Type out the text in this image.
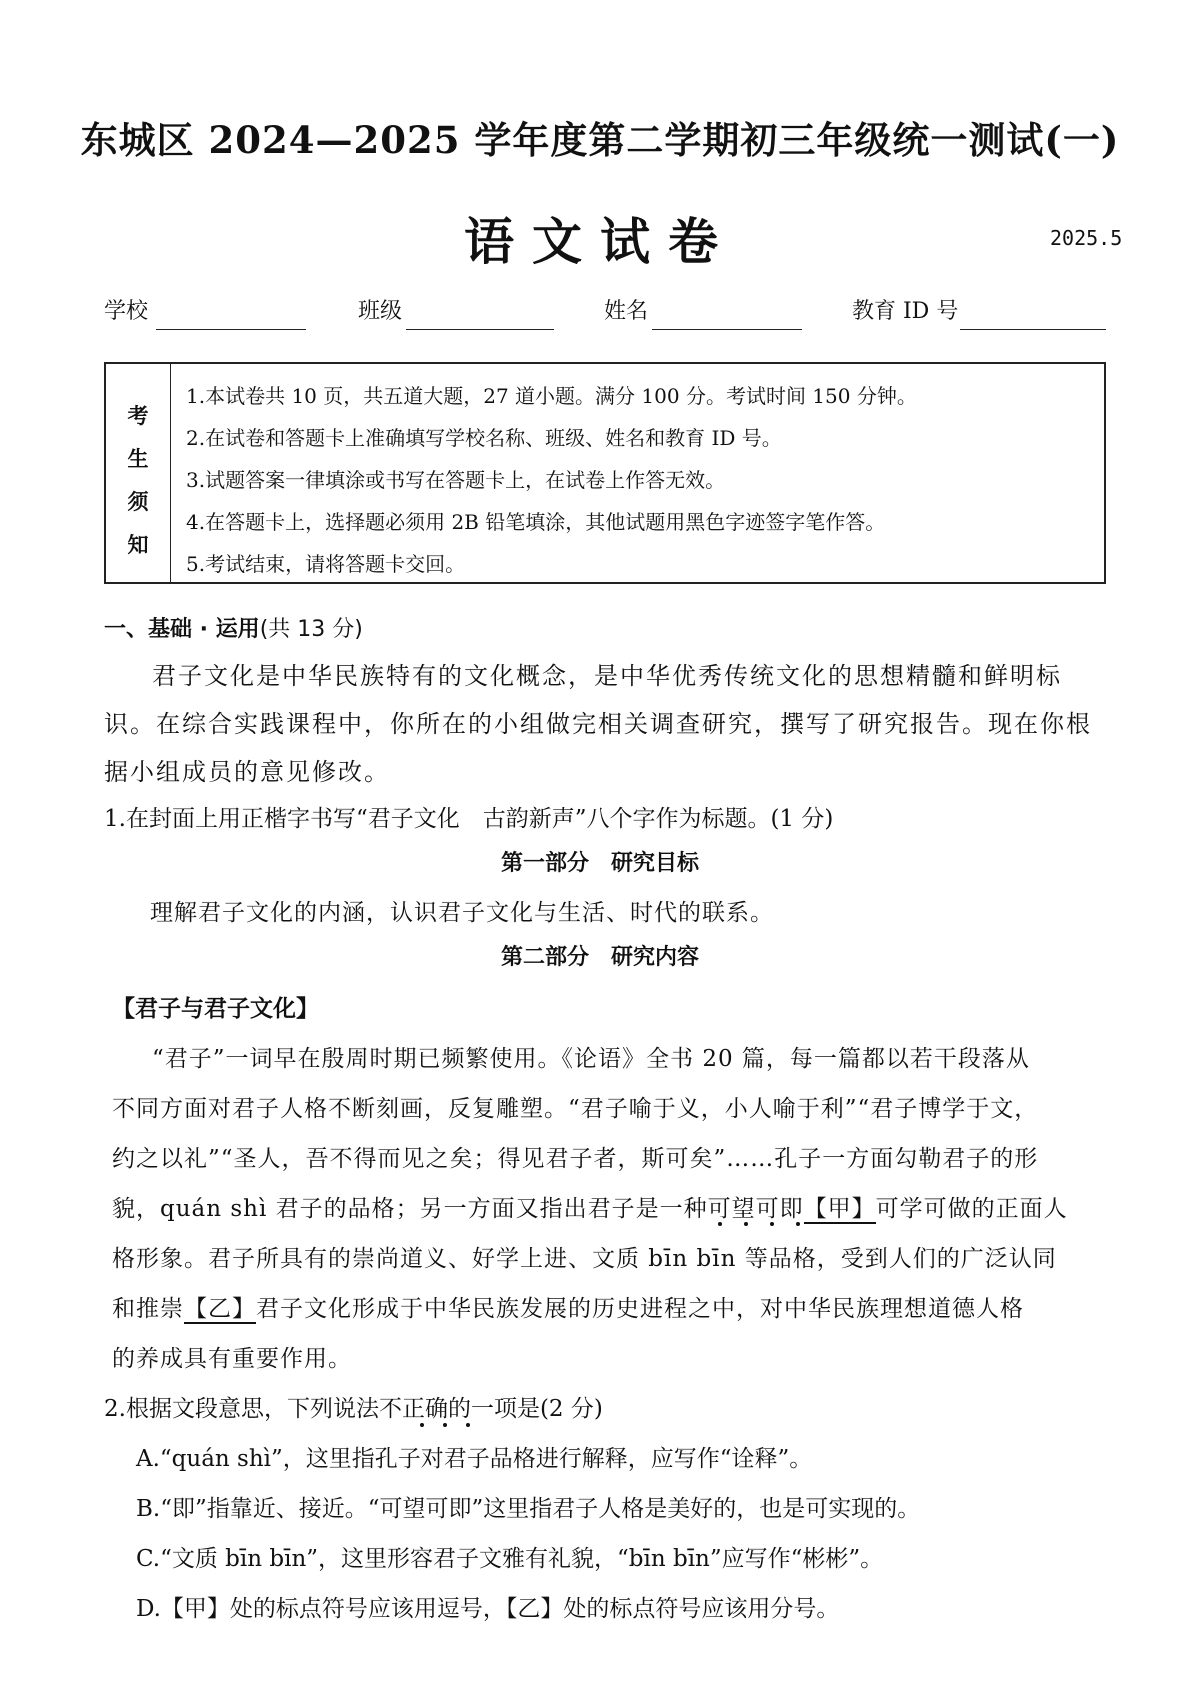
东城区 2024—2025 学年度第二学期初三年级统一测试(一)
语文试卷	2025.5
学校	班级	姓名	教育 ID 号
考
生
须
知
1.本试卷共 10 页，共五道大题，27 道小题。满分 100 分。考试时间 150 分钟。
2.在试卷和答题卡上准确填写学校名称、班级、姓名和教育 ID 号。
3.试题答案一律填涂或书写在答题卡上，在试卷上作答无效。
4.在答题卡上，选择题必须用 2B 铅笔填涂，其他试题用黑色字迹签字笔作答。
5.考试结束，请将答题卡交回。
一、基础 · 运用(共 13 分)
君子文化是中华民族特有的文化概念，是中华优秀传统文化的思想精髓和鲜明标
识。在综合实践课程中，你所在的小组做完相关调查研究，撰写了研究报告。现在你根
据小组成员的意见修改。
1.在封面上用正楷字书写“君子文化　古韵新声”八个字作为标题。(1 分)
第一部分　研究目标
理解君子文化的内涵，认识君子文化与生活、时代的联系。
第二部分　研究内容
【君子与君子文化】
“君子”一词早在殷周时期已频繁使用。《论语》全书 20 篇，每一篇都以若干段落从
不同方面对君子人格不断刻画，反复雕塑。“君子喻于义，小人喻于利”“君子博学于文，
约之以礼”“圣人，吾不得而见之矣；得见君子者，斯可矣”……孔子一方面勾勒君子的形
貌，quán shì 君子的品格；另一方面又指出君子是一种可望可即【甲】可学可做的正面人
格形象。君子所具有的崇尚道义、好学上进、文质 bīn bīn 等品格，受到人们的广泛认同
和推崇【乙】君子文化形成于中华民族发展的历史进程之中，对中华民族理想道德人格
的养成具有重要作用。
2.根据文段意思，下列说法不正确的一项是(2 分)
A.“quán shì”，这里指孔子对君子品格进行解释，应写作“诠释”。
B.“即”指靠近、接近。“可望可即”这里指君子人格是美好的，也是可实现的。
C.“文质 bīn bīn”，这里形容君子文雅有礼貌，“bīn bīn”应写作“彬彬”。
D.【甲】处的标点符号应该用逗号，【乙】处的标点符号应该用分号。
